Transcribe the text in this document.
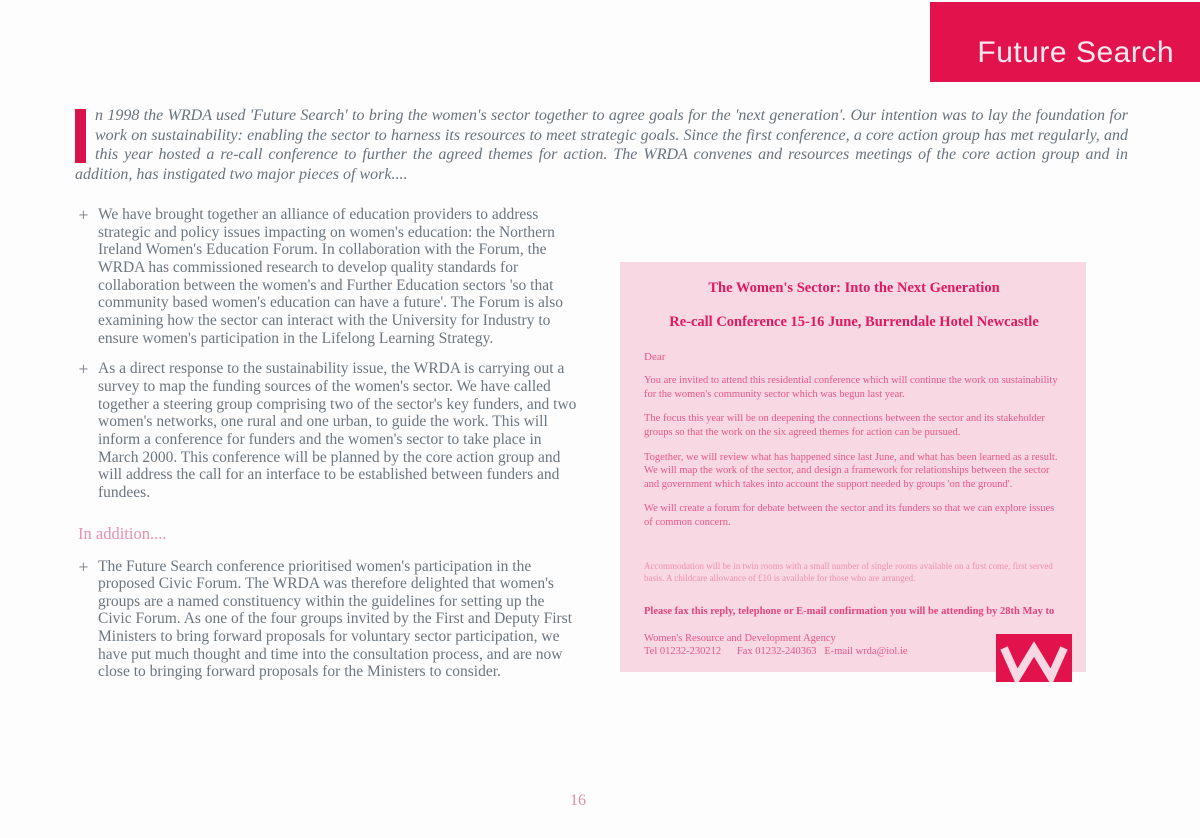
Future Search
n 1998 the WRDA used 'Future Search' to bring the women's sector together to agree goals for the 'next generation'. Our intention was to lay the foundation for work on sustainability: enabling the sector to harness its resources to meet strategic goals. Since the first conference, a core action group has met regularly, and this year hosted a re-call conference to further the agreed themes for action. The WRDA convenes and resources meetings of the core action group and in addition, has instigated two major pieces of work....
+ We have brought together an alliance of education providers to address strategic and policy issues impacting on women's education: the Northern Ireland Women's Education Forum. In collaboration with the Forum, the WRDA has commissioned research to develop quality standards for collaboration between the women's and Further Education sectors 'so that community based women's education can have a future'. The Forum is also examining how the sector can interact with the University for Industry to ensure women's participation in the Lifelong Learning Strategy.
+ As a direct response to the sustainability issue, the WRDA is carrying out a survey to map the funding sources of the women's sector. We have called together a steering group comprising two of the sector's key funders, and two women's networks, one rural and one urban, to guide the work. This will inform a conference for funders and the women's sector to take place in March 2000. This conference will be planned by the core action group and will address the call for an interface to be established between funders and fundees.
In addition....
+ The Future Search conference prioritised women's participation in the proposed Civic Forum. The WRDA was therefore delighted that women's groups are a named constituency within the guidelines for setting up the Civic Forum. As one of the four groups invited by the First and Deputy First Ministers to bring forward proposals for voluntary sector participation, we have put much thought and time into the consultation process, and are now close to bringing forward proposals for the Ministers to consider.
The Women's Sector: Into the Next Generation
Re-call Conference 15-16 June, Burrendale Hotel Newcastle
Dear
You are invited to attend this residential conference which will continue the work on sustainability for the women's community sector which was begun last year.
The focus this year will be on deepening the connections between the sector and its stakeholder groups so that the work on the six agreed themes for action can be pursued.
Together, we will review what has happened since last June, and what has been learned as a result. We will map the work of the sector, and design a framework for relationships between the sector and government which takes into account the support needed by groups 'on the ground'.
We will create a forum for debate between the sector and its funders so that we can explore issues of common concern.
Accommodation will be in twin rooms with a small number of single rooms available on a first come, first served basis. A childcare allowance of £10 is available for those who are arranged.
Please fax this reply, telephone or E-mail confirmation you will be attending by 28th May to
Women's Resource and Development Agency
Tel 01232-230212      Fax 01232-240363   E-mail wrda@iol.ie
16
